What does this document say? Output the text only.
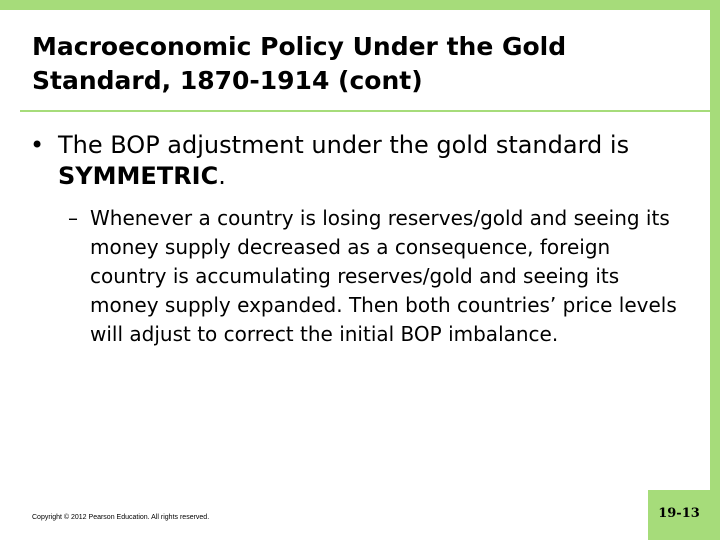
Macroeconomic Policy Under the Gold
Standard, 1870-1914 (cont)
• The BOP adjustment under the gold standard is SYMMETRIC.
– Whenever a country is losing reserves/gold and seeing its money supply decreased as a consequence, foreign country is accumulating reserves/gold and seeing its money supply expanded. Then both countries’ price levels will adjust to correct the initial BOP imbalance.
Copyright © 2012 Pearson Education. All rights reserved.	19-13
